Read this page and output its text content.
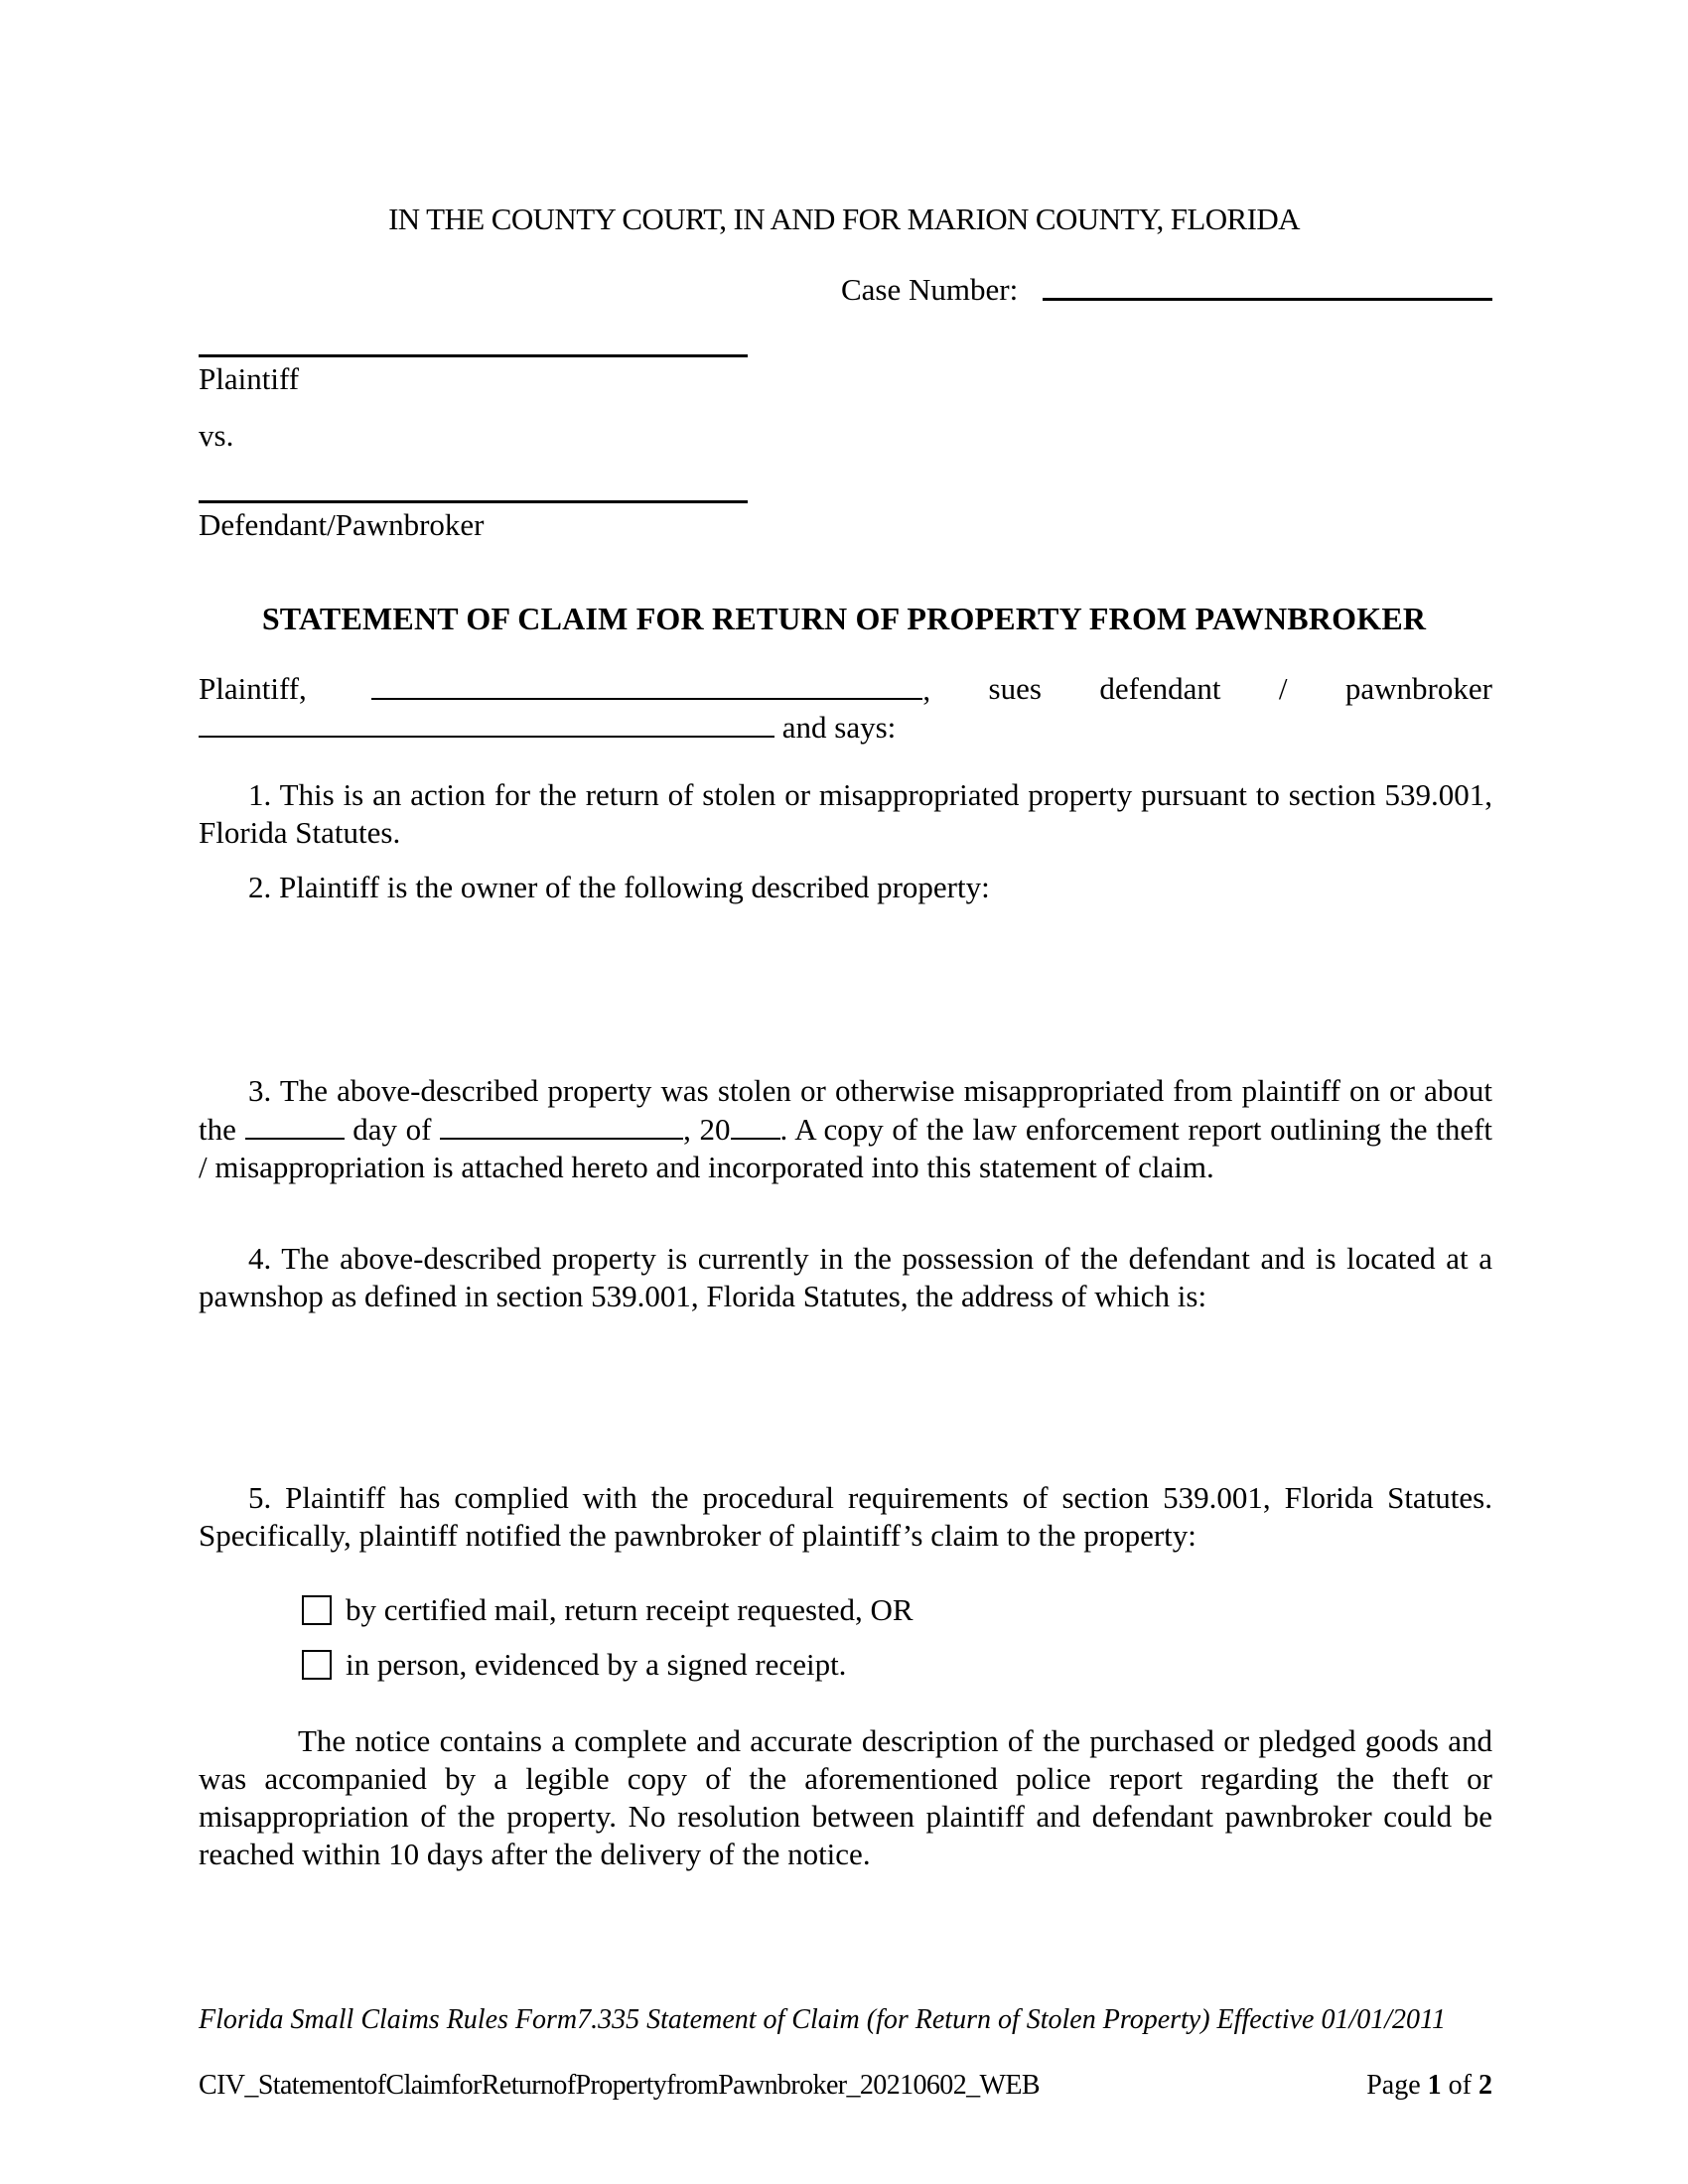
IN THE COUNTY COURT, IN AND FOR MARION COUNTY, FLORIDA
Case Number:
Plaintiff
vs.
Defendant/Pawnbroker
STATEMENT OF CLAIM FOR RETURN OF PROPERTY FROM PAWNBROKER
Plaintiff,	, sues defendant / pawnbroker
and says:
1. This is an action for the return of stolen or misappropriated property pursuant to section 539.001, Florida Statutes.
2. Plaintiff is the owner of the following described property:
3. The above-described property was stolen or otherwise misappropriated from plaintiff on or about the	day of	, 20 . A copy of the law enforcement report outlining the theft / misappropriation is attached hereto and incorporated into this statement of claim.
4. The above-described property is currently in the possession of the defendant and is located at a pawnshop as defined in section 539.001, Florida Statutes, the address of which is:
5. Plaintiff has complied with the procedural requirements of section 539.001, Florida Statutes. Specifically, plaintiff notified the pawnbroker of plaintiff’s claim to the property:
by certified mail, return receipt requested, OR
in person, evidenced by a signed receipt.
The notice contains a complete and accurate description of the purchased or pledged goods and was accompanied by a legible copy of the aforementioned police report regarding the theft or misappropriation of the property. No resolution between plaintiff and defendant pawnbroker could be reached within 10 days after the delivery of the notice.
Florida Small Claims Rules Form7.335 Statement of Claim (for Return of Stolen Property) Effective 01/01/2011
CIV_StatementofClaimforReturnofPropertyfromPawnbroker_20210602_WEB	Page 1 of 2
